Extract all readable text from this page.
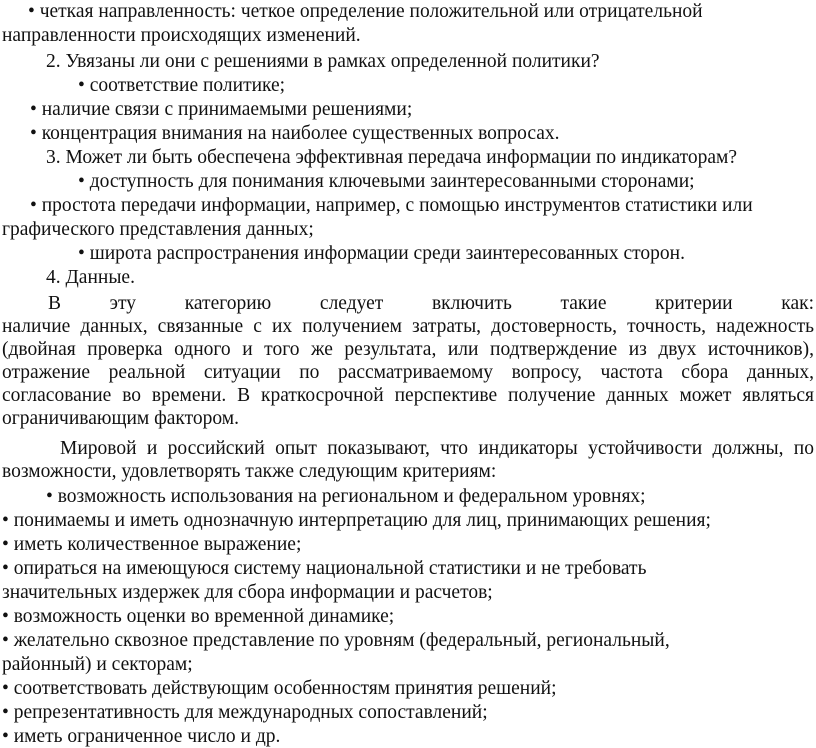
• четкая направленность: четкое определение положительной или отрицательной
направленности происходящих изменений.
2. Увязаны ли они с решениями в рамках определенной политики?
• соответствие политике;
• наличие связи с принимаемыми решениями;
• концентрация внимания на наиболее существенных вопросах.
3. Может ли быть обеспечена эффективная передача информации по индикаторам?
• доступность для понимания ключевыми заинтересованными сторонами;
• простота передачи информации, например, с помощью инструментов статистики или
графического представления данных;
• широта распространения информации среди заинтересованных сторон.
4. Данные.
В эту категорию следует включить такие критерии как:
наличие данных, связанные с их получением затраты, достоверность, точность, надежность
(двойная проверка одного и того же результата, или подтверждение из двух источников),
отражение реальной ситуации по рассматриваемому вопросу, частота сбора данных,
согласование во времени. В краткосрочной перспективе получение данных может являться
ограничивающим фактором.
Мировой и российский опыт показывают, что индикаторы устойчивости должны, по
возможности, удовлетворять также следующим критериям:
• возможность использования на региональном и федеральном уровнях;
• понимаемы и иметь однозначную интерпретацию для лиц, принимающих решения;
• иметь количественное выражение;
• опираться на имеющуюся систему национальной статистики и не требовать
значительных издержек для сбора информации и расчетов;
• возможность оценки во временной динамике;
• желательно сквозное представление по уровням (федеральный, региональный,
районный) и секторам;
• соответствовать действующим особенностям принятия решений;
• репрезентативность для международных сопоставлений;
• иметь ограниченное число и др.
